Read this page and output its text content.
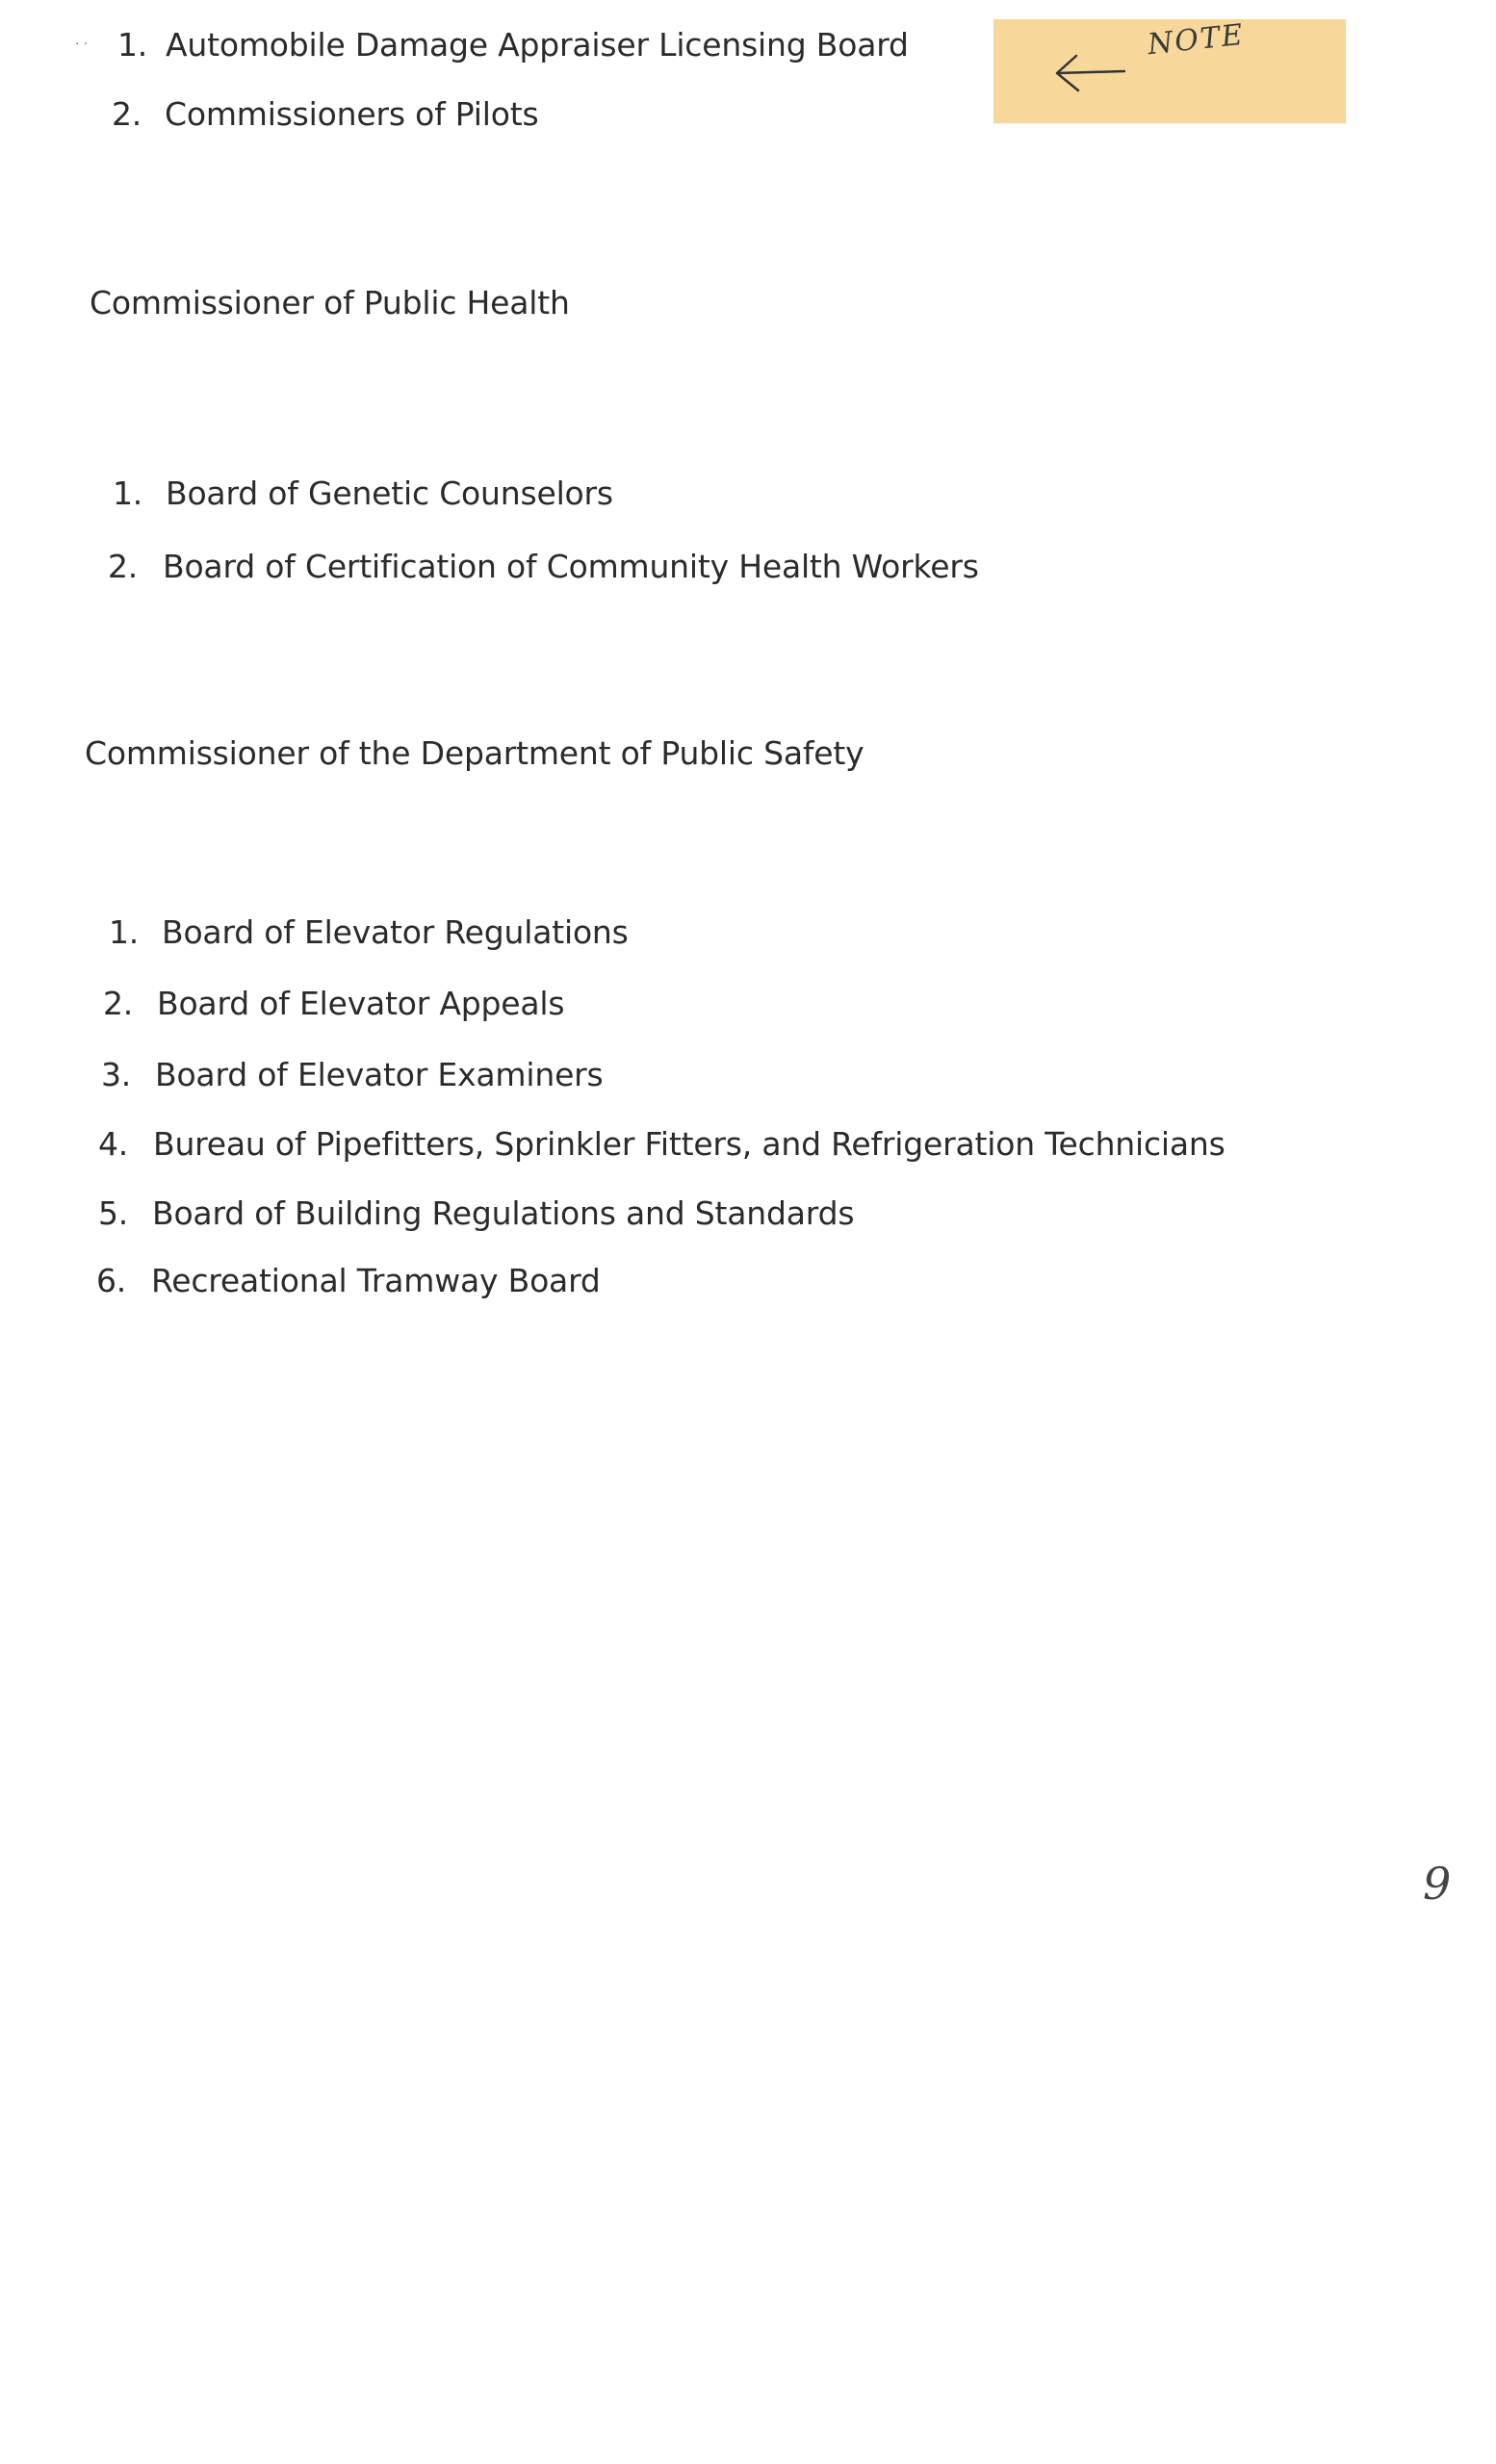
· · 1. Automobile Damage Appraiser Licensing Board
2. Commissioners of Pilots
NOTE
Commissioner of Public Health
1. Board of Genetic Counselors
2. Board of Certification of Community Health Workers
Commissioner of the Department of Public Safety
1. Board of Elevator Regulations
2. Board of Elevator Appeals
3. Board of Elevator Examiners
4. Bureau of Pipefitters, Sprinkler Fitters, and Refrigeration Technicians
5. Board of Building Regulations and Standards
6. Recreational Tramway Board
9
